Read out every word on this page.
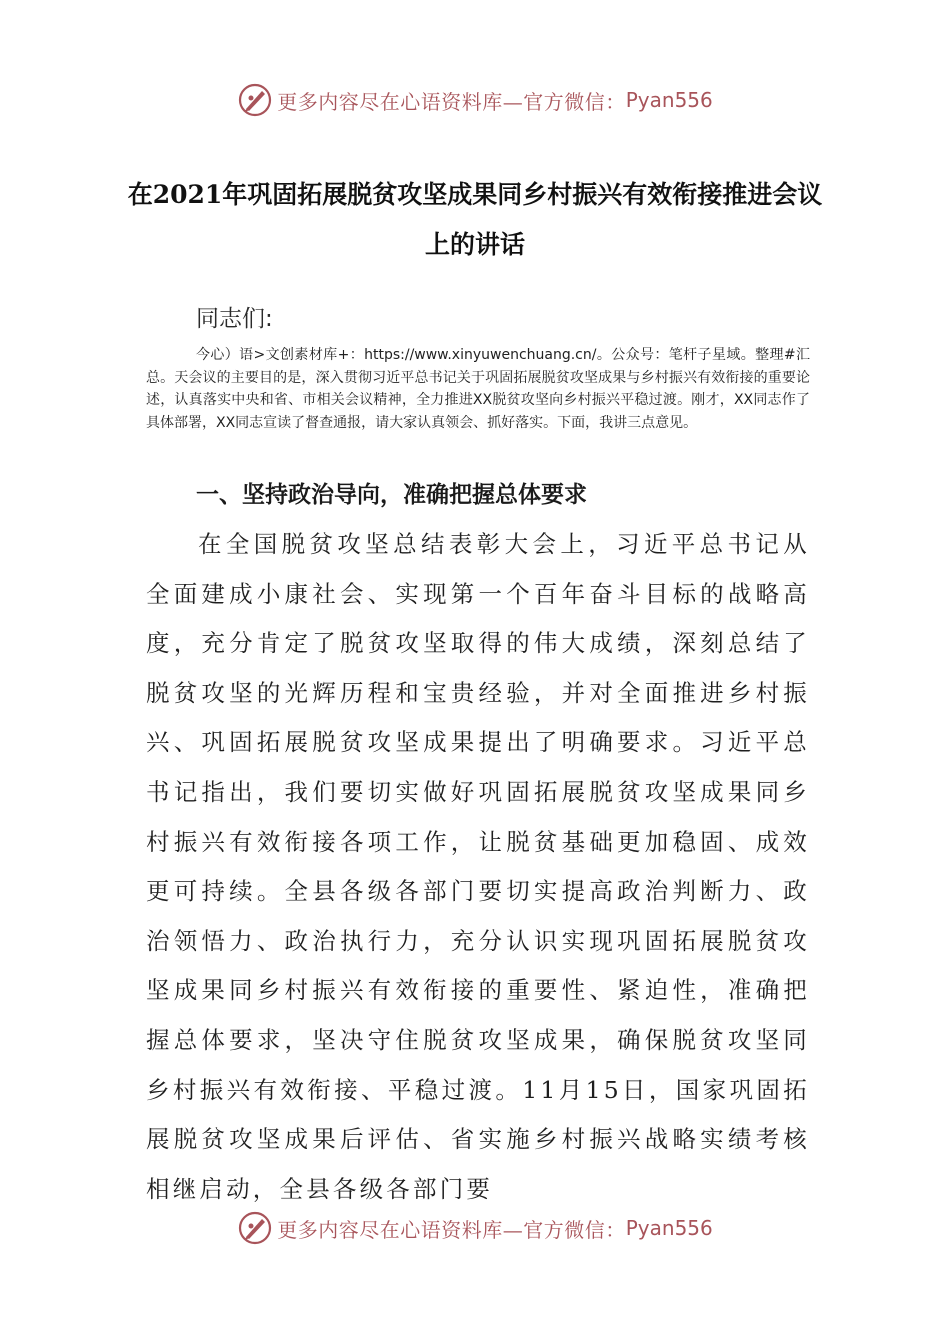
更多内容尽在心语资料库—官方微信： Pyan556
在2021年巩固拓展脱贫攻坚成果同乡村振兴有效衔接推进会议上的讲话
同志们:
今心）语>文创素材库+：https://www.xinyuwenchuang.cn/。公众号：笔杆子星域。整理#汇总。天会议的主要目的是，深入贯彻习近平总书记关于巩固拓展脱贫攻坚成果与乡村振兴有效衔接的重要论述，认真落实中央和省、市相关会议精神，全力推进XX脱贫攻坚向乡村振兴平稳过渡。刚才，XX同志作了具体部署，XX同志宣读了督查通报，请大家认真领会、抓好落实。下面，我讲三点意见。
一、坚持政治导向，准确把握总体要求
在全国脱贫攻坚总结表彰大会上，习近平总书记从全面建成小康社会、实现第一个百年奋斗目标的战略高度，充分肯定了脱贫攻坚取得的伟大成绩，深刻总结了脱贫攻坚的光辉历程和宝贵经验，并对全面推进乡村振兴、巩固拓展脱贫攻坚成果提出了明确要求。习近平总书记指出，我们要切实做好巩固拓展脱贫攻坚成果同乡村振兴有效衔接各项工作，让脱贫基础更加稳固、成效更可持续。全县各级各部门要切实提高政治判断力、政治领悟力、政治执行力，充分认识实现巩固拓展脱贫攻坚成果同乡村振兴有效衔接的重要性、紧迫性，准确把握总体要求，坚决守住脱贫攻坚成果，确保脱贫攻坚同乡村振兴有效衔接、平稳过渡。11月15日，国家巩固拓展脱贫攻坚成果后评估、省实施乡村振兴战略实绩考核相继启动，全县各级各部门要
更多内容尽在心语资料库—官方微信： Pyan556
